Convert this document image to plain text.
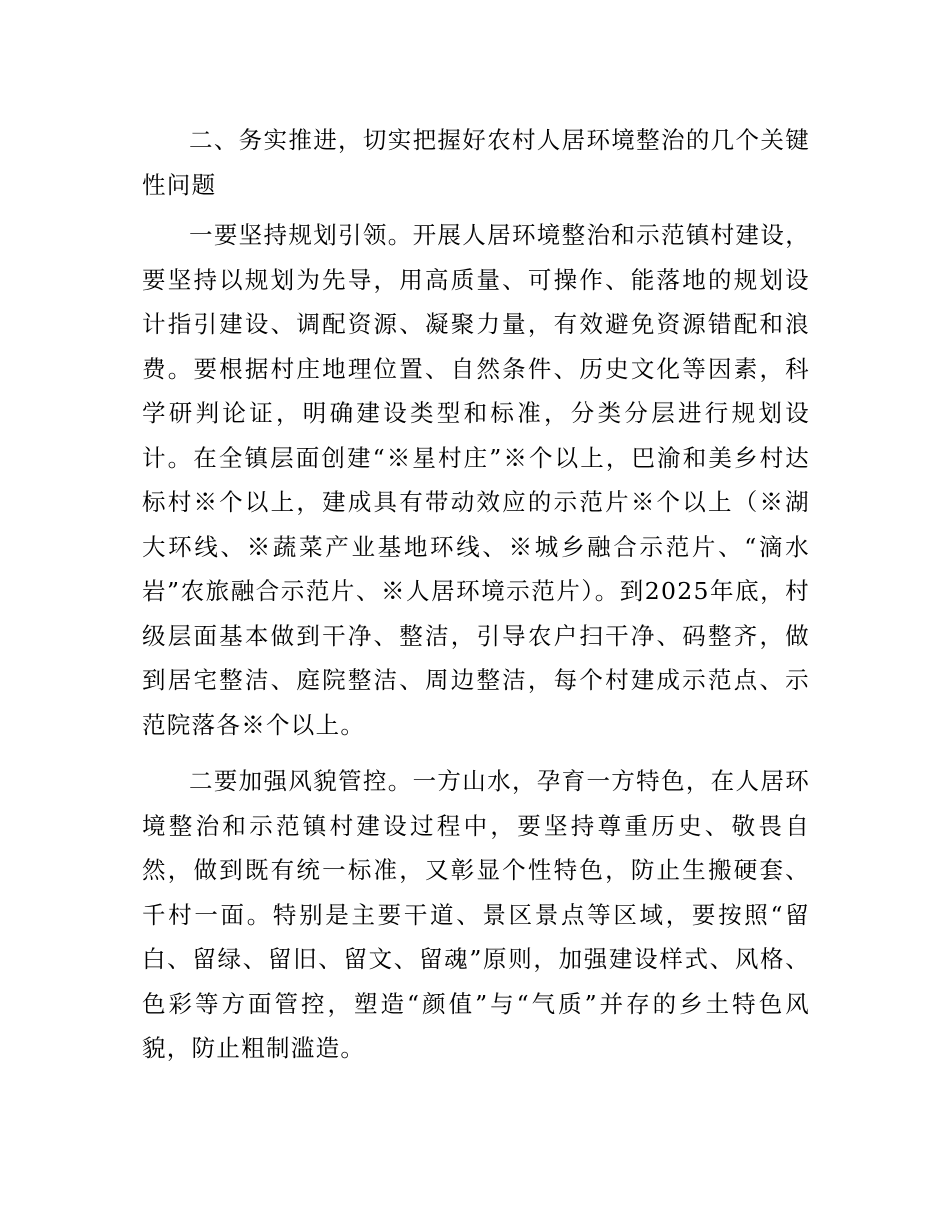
二、务实推进，切实把握好农村人居环境整治的几个关键性问题

一要坚持规划引领。开展人居环境整治和示范镇村建设，要坚持以规划为先导，用高质量、可操作、能落地的规划设计指引建设、调配资源、凝聚力量，有效避免资源错配和浪费。要根据村庄地理位置、自然条件、历史文化等因素，科学研判论证，明确建设类型和标准，分类分层进行规划设计。在全镇层面创建“※星村庄”※个以上，巴渝和美乡村达标村※个以上，建成具有带动效应的示范片※个以上（※湖大环线、※蔬菜产业基地环线、※城乡融合示范片、“滴水岩”农旅融合示范片、※人居环境示范片）。到2025年底，村级层面基本做到干净、整洁，引导农户扫干净、码整齐，做到居宅整洁、庭院整洁、周边整洁，每个村建成示范点、示范院落各※个以上。

二要加强风貌管控。一方山水，孕育一方特色，在人居环境整治和示范镇村建设过程中，要坚持尊重历史、敬畏自然，做到既有统一标准，又彰显个性特色，防止生搬硬套、千村一面。特别是主要干道、景区景点等区域，要按照“留白、留绿、留旧、留文、留魂”原则，加强建设样式、风格、色彩等方面管控，塑造“颜值”与“气质”并存的乡土特色风貌，防止粗制滥造。
